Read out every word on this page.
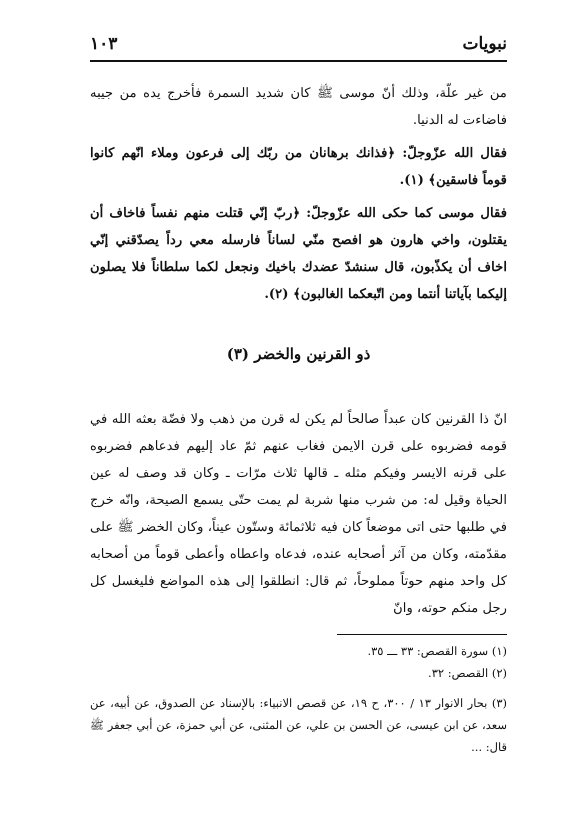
نبويات
١٠٣

من غير علّة، وذلك أنّ موسى ﷺ كان شديد السمرة فأخرج يده من جيبه فاضاءت له الدنيا.

فقال الله عزّوجلّ: ﴿فذانك برهانان من ربّك إلى فرعون وملاء انّهم كانوا قوماً فاسقين﴾ (١).

فقال موسى كما حكى الله عزّوجلّ: ﴿ربّ إنّي قتلت منهم نفساً فاخاف أن يقتلون، واخي هارون هو افصح منّي لساناً فارسله معي رداً يصدّقني إنّي اخاف أن يكذّبون، قال سنشدّ عضدك باخيك ونجعل لكما سلطاناً فلا يصلون إليكما بآياتنا أنتما ومن اتّبعكما الغالبون﴾ (٢).

ذو القرنين والخضر (٣)

انّ ذا القرنين كان عبداً صالحاً لم يكن له قرن من ذهب ولا فضّة بعثه الله في قومه فضربوه على قرن الايمن فغاب عنهم ثمّ عاد إليهم فدعاهم فضربوه على قرنه الايسر وفيكم مثله ـ قالها ثلاث مرّات ـ وكان قد وصف له عين الحياة وقيل له: من شرب منها شربة لم يمت حتّى يسمع الصيحة، وانّه خرج في طلبها حتى اتى موضعاً كان فيه ثلاثمائة وستّون عيناً، وكان الخضر ﷺ على مقدّمته، وكان من آثر أصحابه عنده، فدعاه واعطاه وأعطى قوماً من أصحابه كل واحد منهم حوتاً مملوحاً، ثم قال: انطلقوا إلى هذه المواضع فليغسل كل رجل منكم حوته، وانّ

(١) سورة القصص: ٣٣ ـــ ٣٥.

(٢) القصص: ٣٢.

(٣) بحار الانوار ١٣ / ٣٠٠، ح ١٩، عن قصص الانبياء: بالإسناد عن الصدوق، عن أبيه، عن سعد، عن ابن عيسى، عن الحسن بن علي، عن المثنى، عن أبي حمزة، عن أبي جعفر ﷺ قال: ...
